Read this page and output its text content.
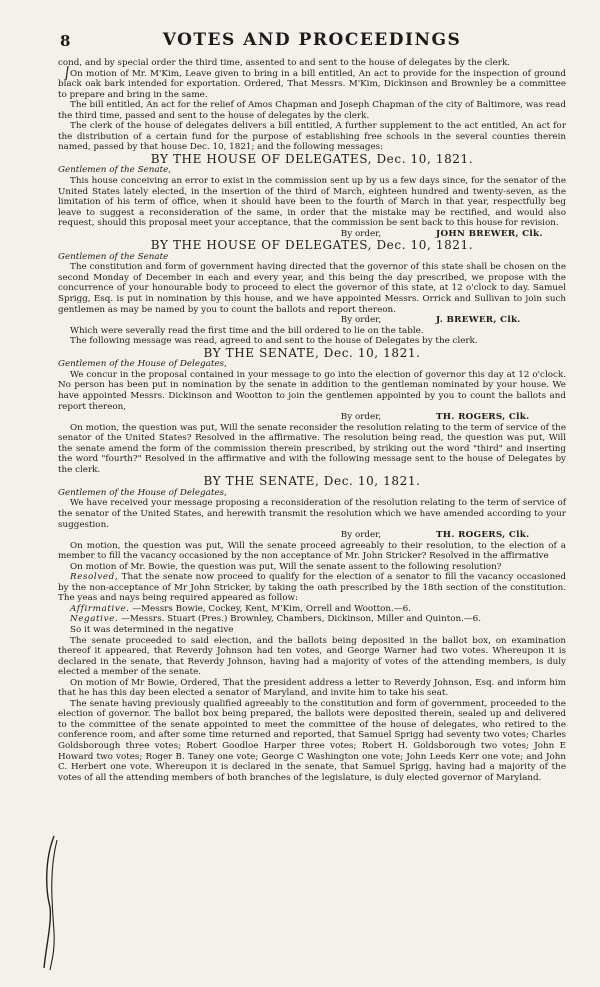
8	VOTES AND PROCEEDINGS

cond, and by special order the third time, assented to and sent to the house of delegates by the clerk.

On motion of Mr. M'Kim, Leave given to bring in a bill entitled, An act to provide for the inspection of ground black oak bark intended for exportation. Ordered, That Messrs. M'Kim, Dickinson and Brownley be a committee to prepare and bring in the same.

The bill entitled, An act for the relief of Amos Chapman and Joseph Chapman of the city of Baltimore, was read the third time, passed and sent to the house of delegates by the clerk.

The clerk of the house of delegates delivers a bill entitled, A further supplement to the act entitled, An act for the distribution of a certain fund for the purpose of establishing free schools in the several counties therein named, passed by that house Dec. 10, 1821; and the following messages:

BY THE HOUSE OF DELEGATES, Dec. 10, 1821.
Gentlemen of the Senate,

This house conceiving an error to exist in the commission sent up by us a few days since, for the senator of the United States lately elected, in the insertion of the third of March, eighteen hundred and twenty-seven, as the limitation of his term of office, when it should have been to the fourth of March in that year, respectfully beg leave to suggest a reconsideration of the same, in order that the mistake may be rectified, and would also request, should this proposal meet your acceptance, that the commission be sent back to this house for revision.

By order,	JOHN BREWER, Clk.
BY THE HOUSE OF DELEGATES, Dec. 10, 1821.
Gentlemen of the Senate

The constitution and form of government having directed that the governor of this state shall be chosen on the second Monday of December in each and every year, and this being the day prescribed, we propose with the concurrence of your honourable body to proceed to elect the governor of this state, at 12 o'clock to day. Samuel Sprigg, Esq. is put in nomination by this house, and we have appointed Messrs. Orrick and Sullivan to join such gentlemen as may be named by you to count the ballots and report thereon.

By order,	J. BREWER, Clk.

Which were severally read the first time and the bill ordered to lie on the table.

The following message was read, agreed to and sent to the house of Delegates by the clerk.

BY THE SENATE, Dec. 10, 1821.
Gentlemen of the House of Delegates,

We concur in the proposal contained in your message to go into the election of governor this day at 12 o'clock. No person has been put in nomination by the senate in addition to the gentleman nominated by your house. We have appointed Messrs. Dickinson and Wootton to join the gentlemen appointed by you to count the ballots and report thereon,

By order,	TH. ROGERS, Clk.

On motion, the question was put, Will the senate reconsider the resolution relating to the term of service of the senator of the United States? Resolved in the affirmative. The resolution being read, the question was put, Will the senate amend the form of the commission therein prescribed, by striking out the word "third" and inserting the word "fourth?" Resolved in the affirmative and with the following message sent to the house of Delegates by the clerk.

BY THE SENATE, Dec. 10, 1821.
Gentlemen of the House of Delegates,

We have received your message proposing a reconsideration of the resolution relating to the term of service of the senator of the United States, and herewith transmit the resolution which we have amended according to your suggestion.

By order,	TH. ROGERS, Clk.

On motion, the question was put, Will the senate proceed agreeably to their resolution, to the election of a member to fill the vacancy occasioned by the non acceptance of Mr. John Stricker? Resolved in the affirmative

On motion of Mr. Bowie, the question was put, Will the senate assent to the following resolution?

Resolved, That the senate now proceed to qualify for the election of a senator to fill the vacancy occasioned by the non-acceptance of Mr John Stricker, by taking the oath prescribed by the 18th section of the constitution. The yeas and nays being required appeared as follow:

Affirmative. —Messrs Bowie, Cockey, Kent, M'Kim, Orrell and Wootton.—6.

Negative. —Messrs. Stuart (Pres.) Brownley, Chambers, Dickinson, Miller and Quinton.—6.

So it was determined in the negative

The senate proceeded to said election, and the ballots being deposited in the ballot box, on examination thereof it appeared, that Reverdy Johnson had ten votes, and George Warner had two votes. Whereupon it is declared in the senate, that Reverdy Johnson, having had a majority of votes of the attending members, is duly elected a member of the senate.

On motion of Mr Bowie, Ordered, That the president address a letter to Reverdy Johnson, Esq. and inform him that he has this day been elected a senator of Maryland, and invite him to take his seat.

The senate having previously qualified agreeably to the constitution and form of government, proceeded to the election of governor. The ballot box being prepared, the ballots were deposited therein, sealed up and delivered to the committee of the senate appointed to meet the committee of the house of delegates, who retired to the conference room, and after some time returned and reported, that Samuel Sprigg had seventy two votes; Charles Goldsborough three votes; Robert Goodloe Harper three votes; Robert H. Goldsborough two votes; John E Howard two votes; Roger B. Taney one vote; George C Washington one vote; John Leeds Kerr one vote; and John C. Herbert one vote. Whereupon it is declared in the senate, that Samuel Sprigg, having had a majority of the votes of all the attending members of both branches of the legislature, is duly elected governor of Maryland.
